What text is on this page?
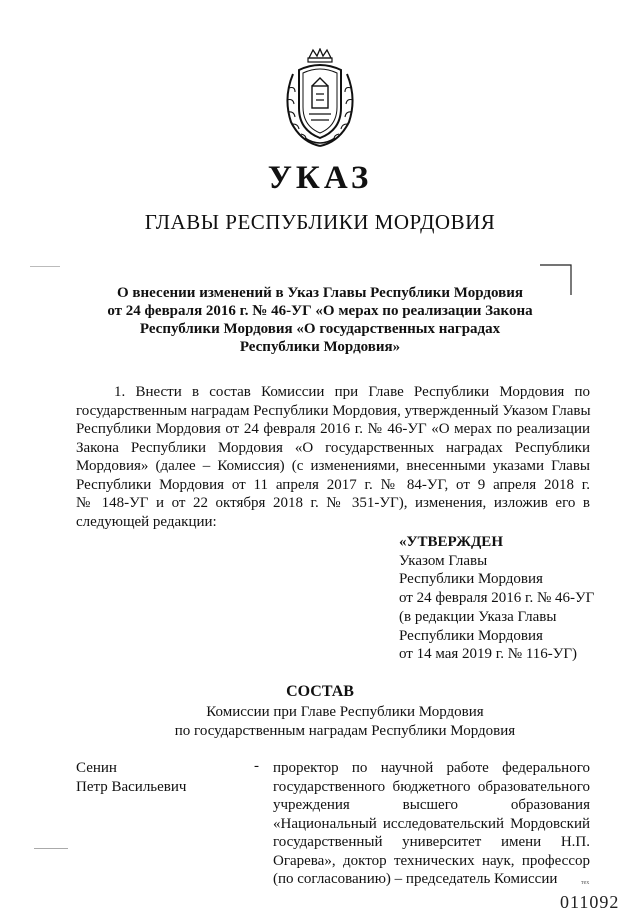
УКАЗ
ГЛАВЫ РЕСПУБЛИКИ МОРДОВИЯ
О внесении изменений в Указ Главы Республики Мордовия
от 24 февраля 2016 г. № 46-УГ «О мерах по реализации Закона
Республики Мордовия «О государственных наградах
Республики Мордовия»
1. Внести в состав Комиссии при Главе Республики Мордовия по
государственным наградам Республики Мордовия, утвержденный Указом Главы
Республики Мордовия от 24 февраля 2016 г. № 46-УГ «О мерах по реализации
Закона Республики Мордовия «О государственных наградах Республики
Мордовия» (далее – Комиссия) (с изменениями, внесенными указами Главы
Республики Мордовия от 11 апреля 2017 г. № 84-УГ, от 9 апреля 2018 г.
№ 148-УГ и от 22 октября 2018 г. № 351-УГ), изменения, изложив его в
следующей редакции:
«УТВЕРЖДЕН
Указом Главы
Республики Мордовия
от 24 февраля 2016 г. № 46-УГ
(в редакции Указа Главы
Республики Мордовия
от 14 мая 2019 г. № 116-УГ)
СОСТАВ
Комиссии при Главе Республики Мордовия
по государственным наградам Республики Мордовия
Сенин
Петр Васильевич
- проректор по научной работе федерального
государственного бюджетного образовательного
учреждения высшего образования
«Национальный исследовательский Мордовский
государственный университет имени Н.П.
Огарева», доктор технических наук, профессор
(по согласованию) – председатель Комиссии	тех
011092
